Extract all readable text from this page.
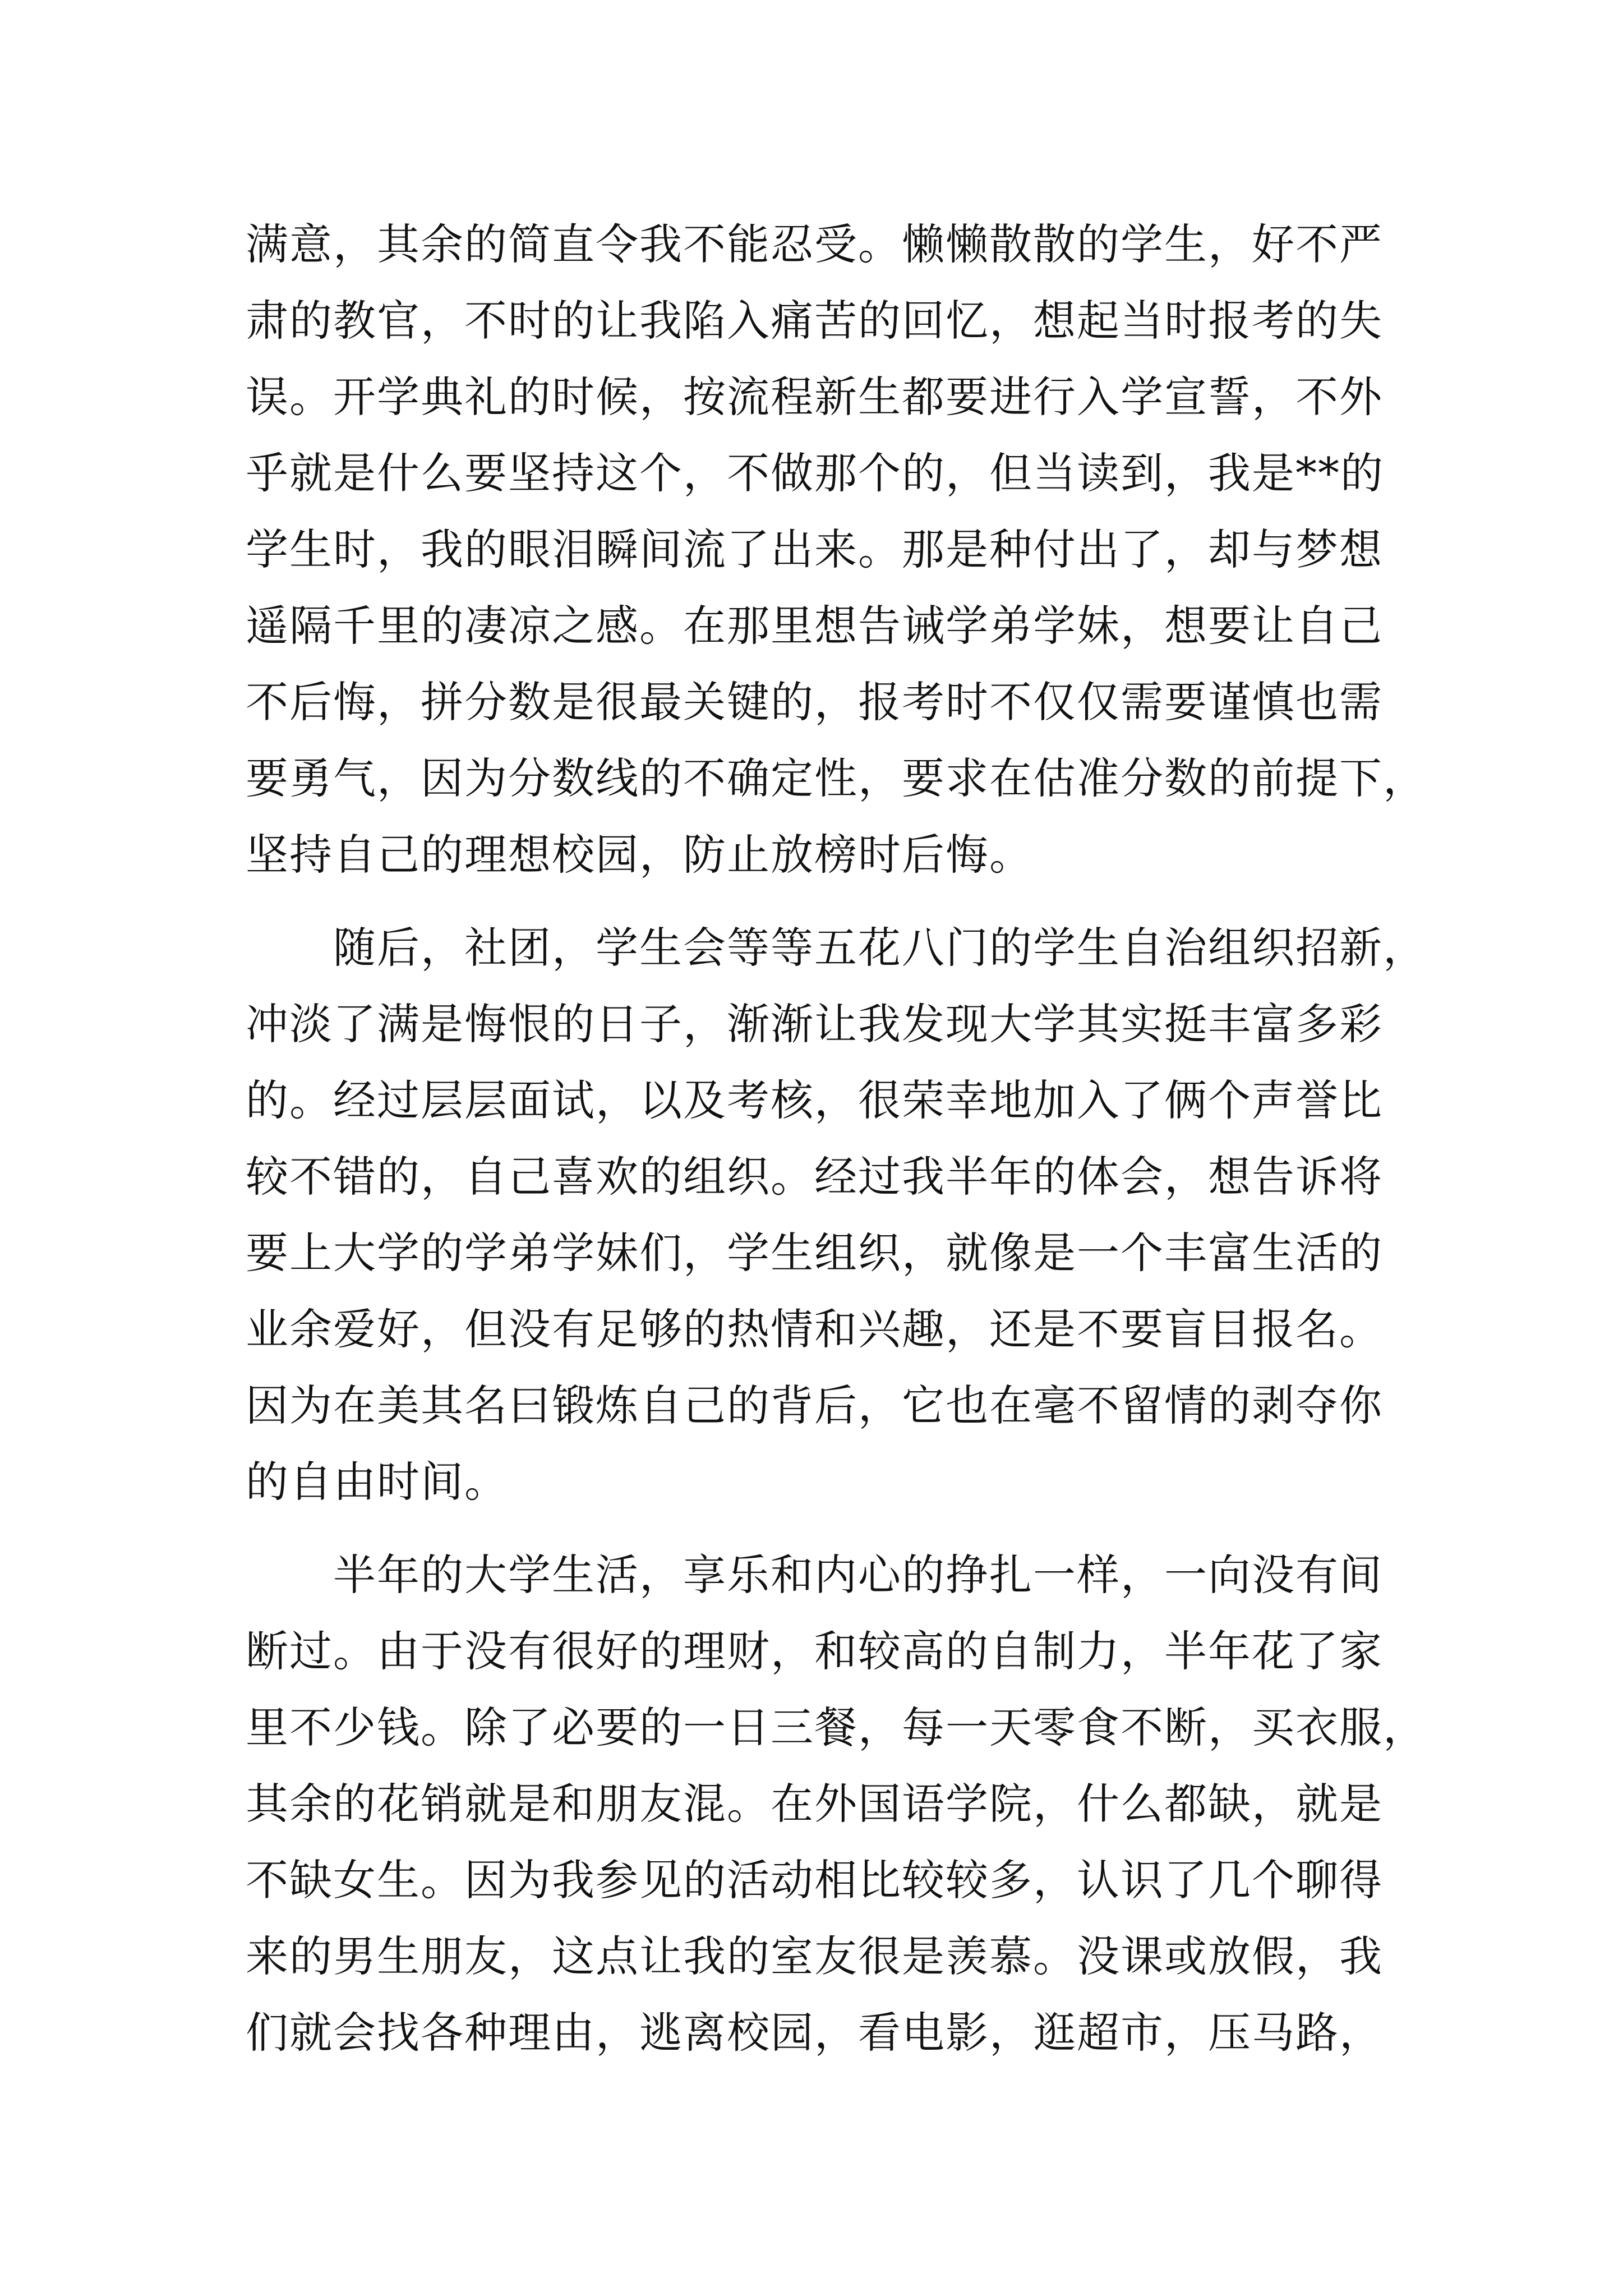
满意，其余的简直令我不能忍受。懒懒散散的学生，好不严
肃的教官，不时的让我陷入痛苦的回忆，想起当时报考的失
误。开学典礼的时候，按流程新生都要进行入学宣誓，不外
乎就是什么要坚持这个，不做那个的，但当读到，我是**的
学生时，我的眼泪瞬间流了出来。那是种付出了，却与梦想
遥隔千里的凄凉之感。在那里想告诫学弟学妹，想要让自己
不后悔，拼分数是很最关键的，报考时不仅仅需要谨慎也需
要勇气，因为分数线的不确定性，要求在估准分数的前提下，
坚持自己的理想校园，防止放榜时后悔。
　　随后，社团，学生会等等五花八门的学生自治组织招新，
冲淡了满是悔恨的日子，渐渐让我发现大学其实挺丰富多彩
的。经过层层面试，以及考核，很荣幸地加入了俩个声誉比
较不错的，自己喜欢的组织。经过我半年的体会，想告诉将
要上大学的学弟学妹们，学生组织，就像是一个丰富生活的
业余爱好，但没有足够的热情和兴趣，还是不要盲目报名。
因为在美其名曰锻炼自己的背后，它也在毫不留情的剥夺你
的自由时间。
　　半年的大学生活，享乐和内心的挣扎一样，一向没有间
断过。由于没有很好的理财，和较高的自制力，半年花了家
里不少钱。除了必要的一日三餐，每一天零食不断，买衣服，
其余的花销就是和朋友混。在外国语学院，什么都缺，就是
不缺女生。因为我参见的活动相比较较多，认识了几个聊得
来的男生朋友，这点让我的室友很是羡慕。没课或放假，我
们就会找各种理由，逃离校园，看电影，逛超市，压马路，
